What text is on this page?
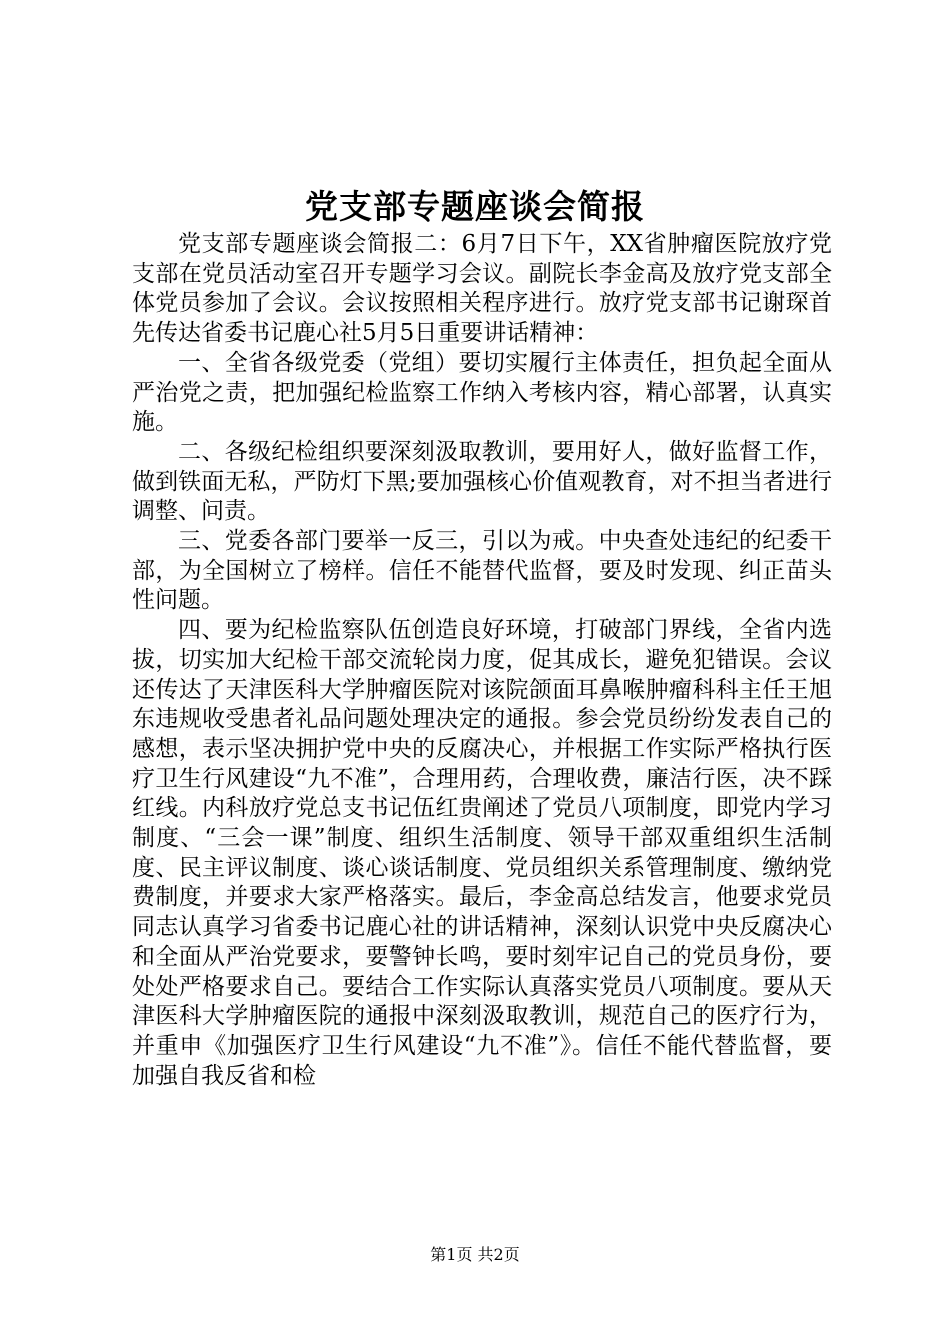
党支部专题座谈会简报

党支部专题座谈会简报二：6月7日下午，XX省肿瘤医院放疗党支部在党员活动室召开专题学习会议。副院长李金高及放疗党支部全体党员参加了会议。会议按照相关程序进行。放疗党支部书记谢琛首先传达省委书记鹿心社5月5日重要讲话精神：

一、全省各级党委（党组）要切实履行主体责任，担负起全面从严治党之责，把加强纪检监察工作纳入考核内容，精心部署，认真实施。

二、各级纪检组织要深刻汲取教训，要用好人，做好监督工作，做到铁面无私，严防灯下黑;要加强核心价值观教育，对不担当者进行调整、问责。

三、党委各部门要举一反三，引以为戒。中央查处违纪的纪委干部，为全国树立了榜样。信任不能替代监督，要及时发现、纠正苗头性问题。

四、要为纪检监察队伍创造良好环境，打破部门界线，全省内选拔，切实加大纪检干部交流轮岗力度，促其成长，避免犯错误。会议还传达了天津医科大学肿瘤医院对该院颌面耳鼻喉肿瘤科科主任王旭东违规收受患者礼品问题处理决定的通报。参会党员纷纷发表自己的感想，表示坚决拥护党中央的反腐决心，并根据工作实际严格执行医疗卫生行风建设“九不准”，合理用药，合理收费，廉洁行医，决不踩红线。内科放疗党总支书记伍红贵阐述了党员八项制度，即党内学习制度、“三会一课”制度、组织生活制度、领导干部双重组织生活制度、民主评议制度、谈心谈话制度、党员组织关系管理制度、缴纳党费制度，并要求大家严格落实。最后，李金高总结发言，他要求党员同志认真学习省委书记鹿心社的讲话精神，深刻认识党中央反腐决心和全面从严治党要求，要警钟长鸣，要时刻牢记自己的党员身份，要处处严格要求自己。要结合工作实际认真落实党员八项制度。要从天津医科大学肿瘤医院的通报中深刻汲取教训，规范自己的医疗行为，并重申《加强医疗卫生行风建设“九不准”》。信任不能代替监督，要加强自我反省和检

第1页 共2页
